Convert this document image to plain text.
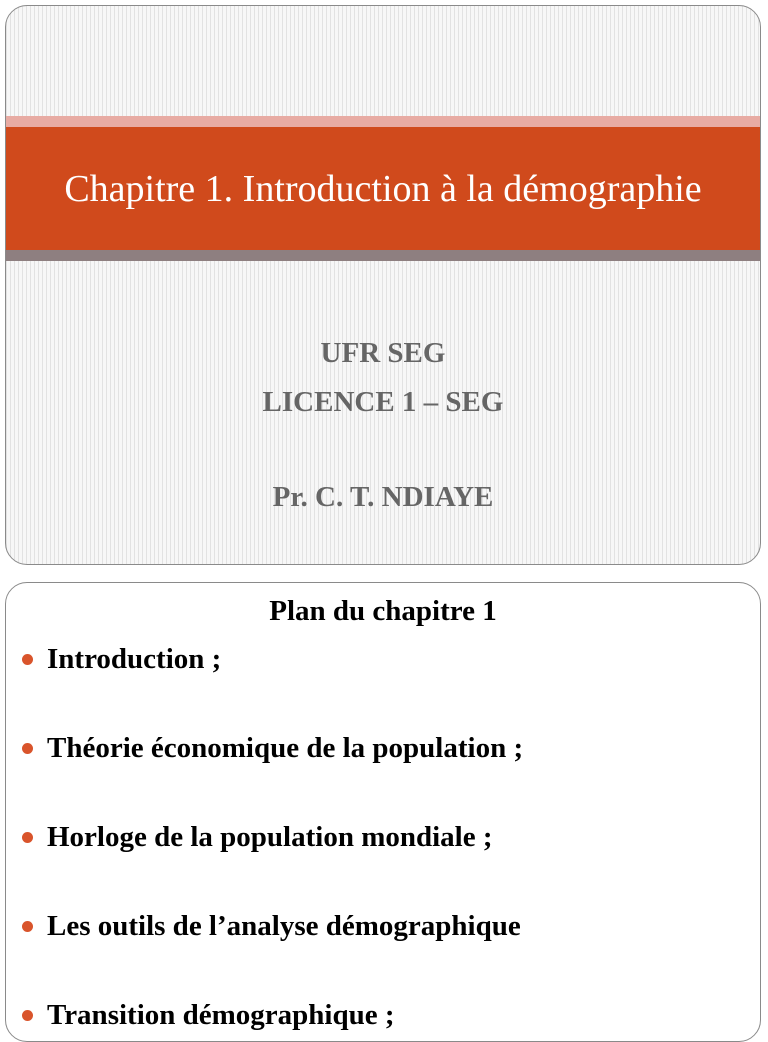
Chapitre 1. Introduction à la démographie
UFR SEG
LICENCE 1 – SEG
Pr. C. T. NDIAYE
Plan du chapitre 1
Introduction ;
Théorie économique de la population ;
Horloge de la population mondiale ;
Les outils de l’analyse démographique
Transition démographique ;
